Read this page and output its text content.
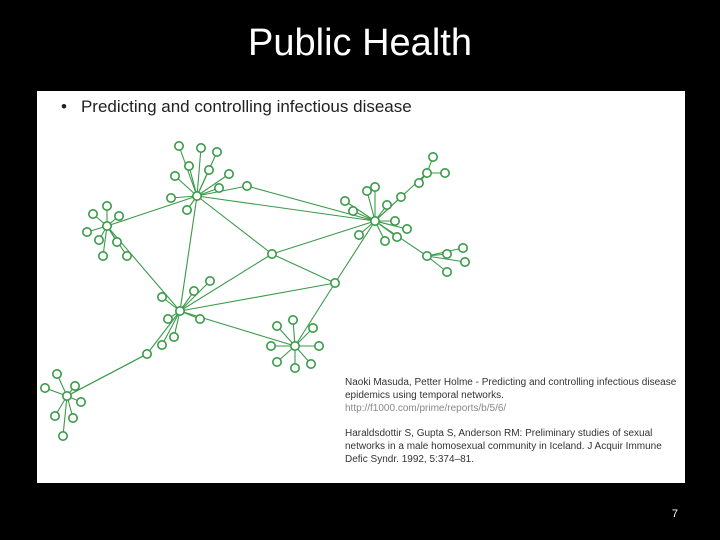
Public Health
• Predicting and controlling infectious disease

Naoki Masuda, Petter Holme - Predicting and controlling infectious disease epidemics using temporal networks.
http://f1000.com/prime/reports/b/5/6/

Haraldsdottir S, Gupta S, Anderson RM: Preliminary studies of sexual networks in a male homosexual community in Iceland. J Acquir Immune Defic Syndr. 1992, 5:374–81.

7
